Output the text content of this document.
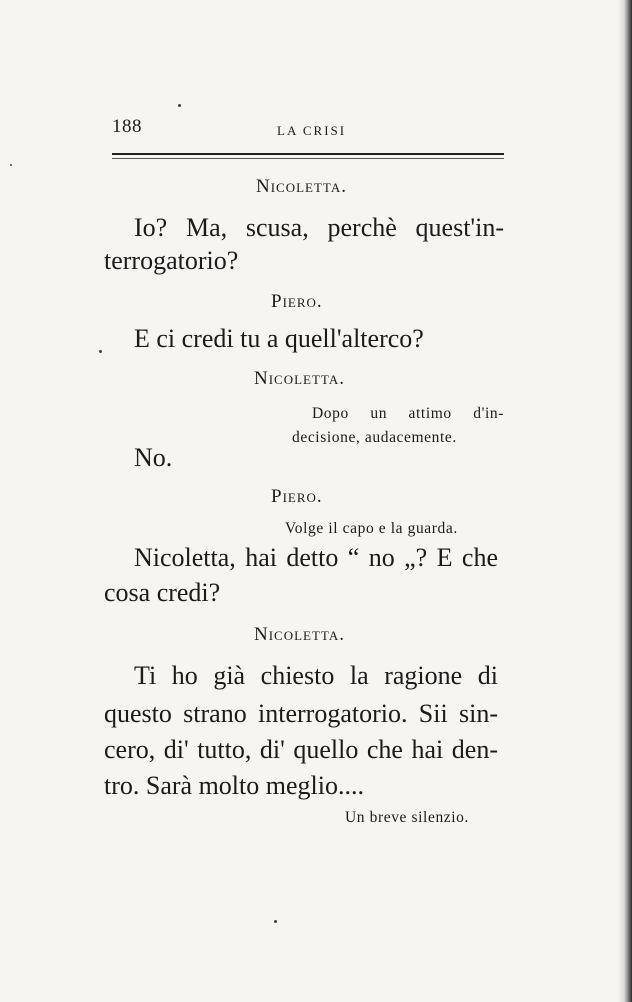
188	LA CRISI
Nicoletta.
Io? Ma, scusa, perchè quest'in-
terrogatorio?
Piero.
E ci credi tu a quell'alterco?
Nicoletta.
Dopo un attimo d'in-
decisione, audacemente.
No.
Piero.
Volge il capo e la guarda.
Nicoletta, hai detto “ no „? E che
cosa credi?
Nicoletta.
Ti ho già chiesto la ragione di
questo strano interrogatorio. Sii sin-
cero, di' tutto, di' quello che hai den-
tro. Sarà molto meglio....
Un breve silenzio.
